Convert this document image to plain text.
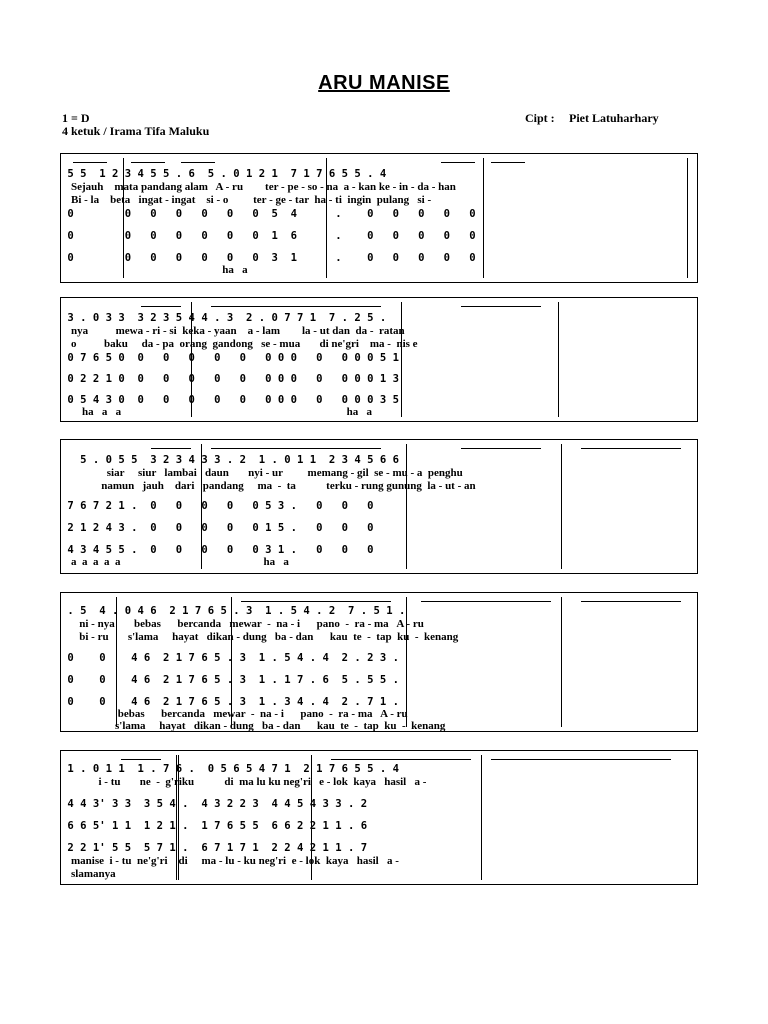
ARU MANISE
1 = D
4 ketuk / Irama Tifa Maluku
Cipt : Piet Latuharhary
5 5  1 2 3 4 5 5 . 6  5 . 0 1 2 1  7 1 7 6 5 5 . 4
Sejauh    mata pandang alam   A - ru        ter - pe - so - na  a - kan ke - in - da - han
Bi - la    beta   ingat - ingat    si - o         ter - ge - tar  ha - ti  ingin  pulang   si -
0        0   0   0   0   0   0  5  4      .    0   0   0   0   0
0        0   0   0   0   0   0  1  6      .    0   0   0   0   0
0        0   0   0   0   0   0  3  1      .    0   0   0   0   0
ha   a
3 . 0 3 3  3 2 3 5 4 4 . 3  2 . 0 7 7 1  7 . 2 5 .
nya          mewa - ri - si  keka - yaan    a - lam        la - ut dan  da -  ratan
o          baku     da - pa  orang  gandong   se - mua       di ne'gri    ma -  nis e
0 7 6 5 0  0   0   0   0   0   0 0 0   0   0 0 0 5 1
0 2 2 1 0  0   0   0   0   0   0 0 0   0   0 0 0 1 3
0 5 4 3 0  0   0   0   0   0   0 0 0   0   0 0 0 3 5
ha   a   a                                                                                  ha   a
5 . 0 5 5  3 2 3 4 3 3 . 2  1 . 0 1 1  2 3 4 5 6 6
siar     siur   lambai   daun       nyi - ur         memang - gil  se - mu - a  penghu
namun   jauh    dari   pandang     ma  -  ta           terku - rung gunung  la - ut - an
7 6 7 2 1 .  0   0   0   0   0 5 3 .   0   0   0
2 1 2 4 3 .  0   0   0   0   0 1 5 .   0   0   0
4 3 4 5 5 .  0   0   0   0   0 3 1 .   0   0   0
a  a  a  a  a                                                    ha   a
. 5  4 . 0 4 6  2 1 7 6 5 . 3  1 . 5 4 . 2  7 . 5 1 .
ni - nya       bebas      bercanda   mewar  -  na - i      pano  -  ra - ma   A - ru
bi - ru       s'lama     hayat   dikan - dung   ba - dan      kau  te  -  tap  ku  -  kenang
0    0    4 6  2 1 7 6 5 . 3  1 . 5 4 . 4  2 . 2 3 .
0    0    4 6  2 1 7 6 5 . 3  1 . 1 7 . 6  5 . 5 5 .
0    0    4 6  2 1 7 6 5 . 3  1 . 3 4 . 4  2 . 7 1 .
bebas      bercanda   mewar  -  na - i      pano  -  ra - ma   A - ru
s'lama     hayat   dikan - dung   ba - dan      kau  te  -  tap  ku  -  kenang
1 . 0 1 1  1 . 7 6 .  0 5 6 5 4 7 1  2 1 7 6 5 5 . 4
i - tu       ne  -  g'riku           di  ma lu ku neg'ri   e - lok  kaya   hasil   a -
4 4 3' 3 3  3 5 4 .  4 3 2 2 3  4 4 5 4 3 3 . 2
6 6 5' 1 1  1 2 1 .  1 7 6 5 5  6 6 2 2 1 1 . 6
2 2 1' 5 5  5 7 1 .  6 7 1 7 1  2 2 4 2 1 1 . 7
manise  i - tu  ne'g'ri    di     ma - lu - ku neg'ri  e - lok  kaya   hasil   a -
slamanya
